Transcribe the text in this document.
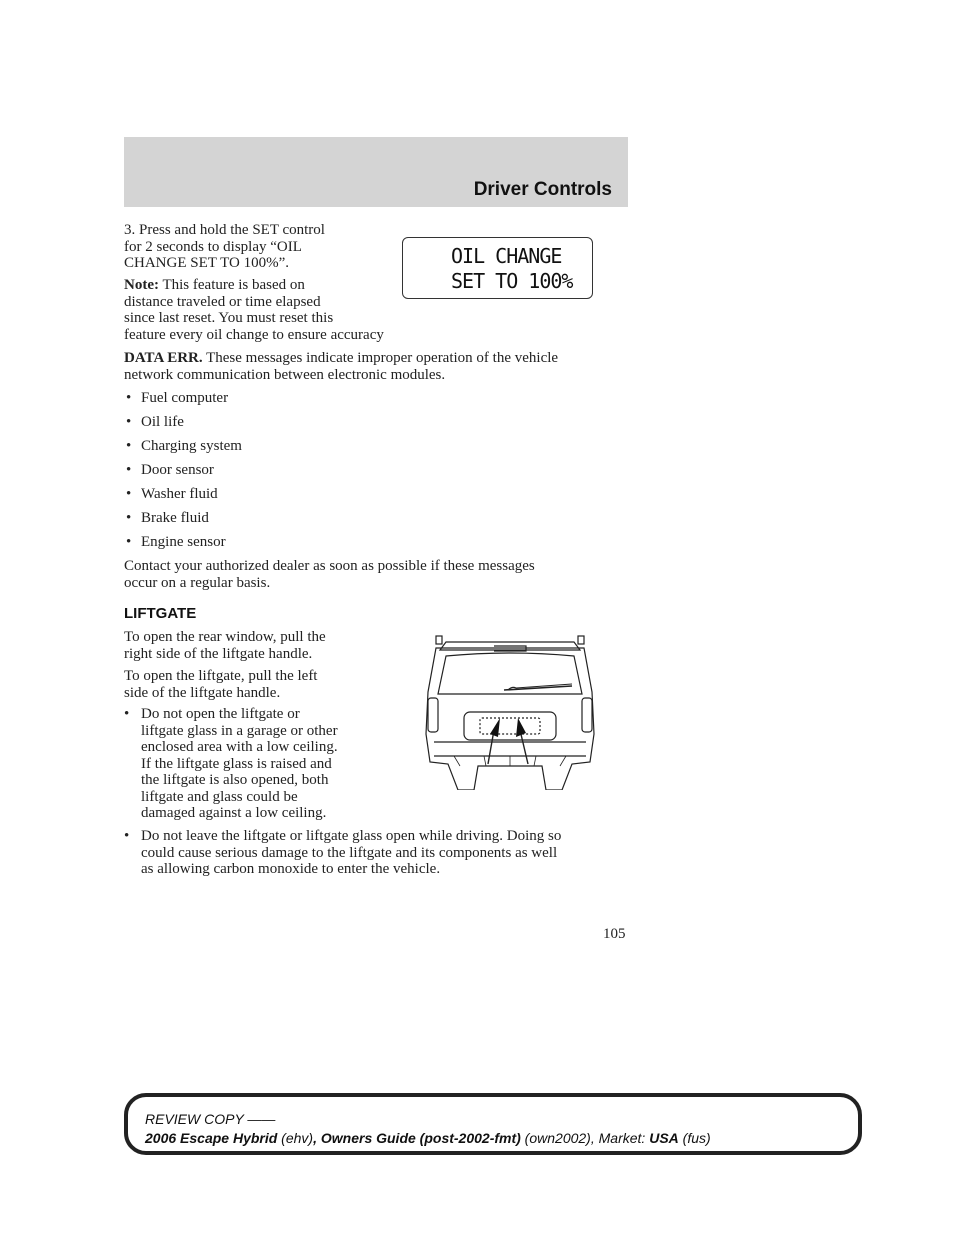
Driver Controls
3. Press and hold the SET control
for 2 seconds to display “OIL
CHANGE SET TO 100%”.	OIL CHANGE
SET TO 100%
Note: This feature is based on
distance traveled or time elapsed
since last reset. You must reset this
feature every oil change to ensure accuracy
DATA ERR. These messages indicate improper operation of the vehicle
network communication between electronic modules.
• Fuel computer
• Oil life
• Charging system
• Door sensor
• Washer fluid
• Brake fluid
• Engine sensor
Contact your authorized dealer as soon as possible if these messages
occur on a regular basis.
LIFTGATE
To open the rear window, pull the
right side of the liftgate handle.
To open the liftgate, pull the left
side of the liftgate handle.
• Do not open the liftgate or
liftgate glass in a garage or other
enclosed area with a low ceiling.
If the liftgate glass is raised and
the liftgate is also opened, both
liftgate and glass could be
damaged against a low ceiling.
• Do not leave the liftgate or liftgate glass open while driving. Doing so
could cause serious damage to the liftgate and its components as well
as allowing carbon monoxide to enter the vehicle.
105
REVIEW COPY ——
2006 Escape Hybrid (ehv), Owners Guide (post-2002-fmt) (own2002), Market: USA (fus)
